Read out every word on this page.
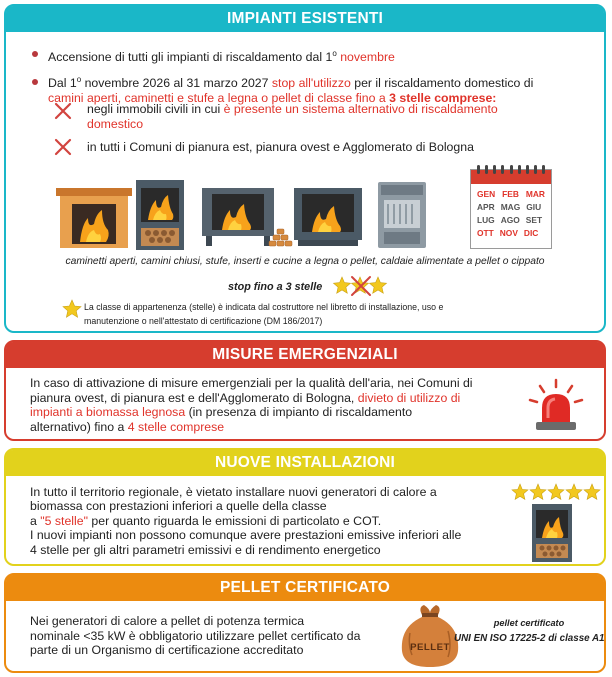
IMPIANTI ESISTENTI
Accensione di tutti gli impianti di riscaldamento dal 1$^o$ novembre
Dal 1$^o$ novembre 2026 al 31 marzo 2027 stop all'utilizzo per il riscaldamento domestico di
camini aperti, caminetti e stufe a legna o pellet di classe fino a 3 stelle comprese:
negli immobili civili in cui è presente un sistema alternativo di riscaldamento
domestico
in tutti i Comuni di pianura est, pianura ovest e Agglomerato di Bologna
GEN FEB MAR
APR MAG GIU
LUG AGO SET
OTT NOV DIC
caminetti aperti, camini chiusi, stufe, inserti e cucine a legna o pellet, caldaie alimentate a pellet o cippato
stop fino a 3 stelle
La classe di appartenenza (stelle) è indicata dal costruttore nel libretto di installazione, uso e
manutenzione o nell'attestato di certificazione (DM 186/2017)
MISURE EMERGENZIALI
In caso di attivazione di misure emergenziali per la qualità dell'aria, nei Comuni di
pianura ovest, di pianura est e dell'Agglomerato di Bologna, divieto di utilizzo di
impianti a biomassa legnosa (in presenza di impianto di riscaldamento
alternativo) fino a 4 stelle comprese
NUOVE INSTALLAZIONI
In tutto il territorio regionale, è vietato installare nuovi generatori di calore a
biomassa con prestazioni inferiori a quelle della classe
a "5 stelle" per quanto riguarda le emissioni di particolato e COT.
I nuovi impianti non possono comunque avere prestazioni emissive inferiori alle
4 stelle per gli altri parametri emissivi e di rendimento energetico
PELLET CERTIFICATO
Nei generatori di calore a pellet di potenza termica
nominale <35 kW è obbligatorio utilizzare pellet certificato da
parte di un Organismo di certificazione accreditato	PELLET
pellet certificato
UNI EN ISO 17225-2 di classe A1
